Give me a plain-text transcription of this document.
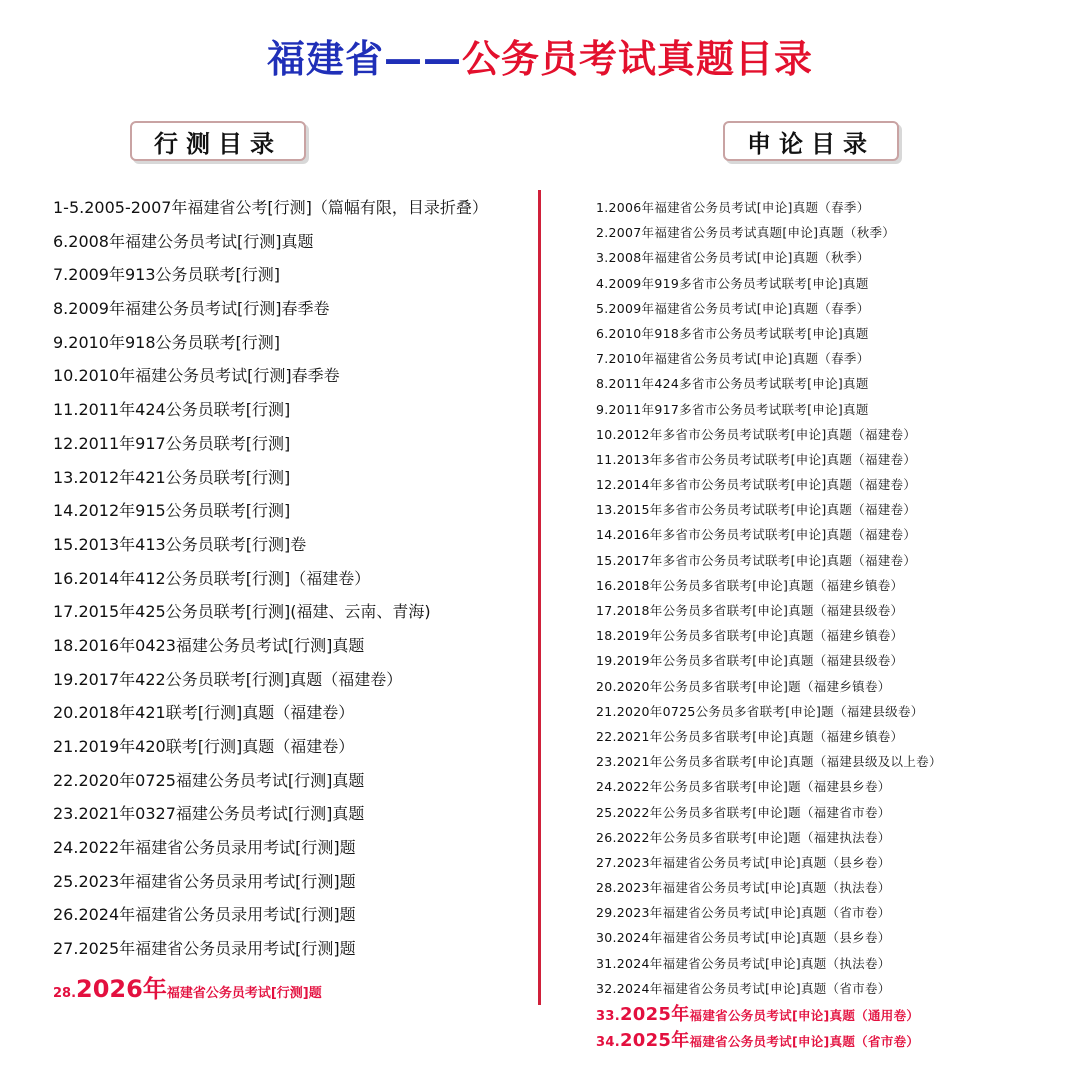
福建省——公务员考试真题目录
行测目录	申论目录
1-5.2005-2007年福建省公考[行测]（篇幅有限，目录折叠）
6.2008年福建公务员考试[行测]真题
7.2009年913公务员联考[行测]
8.2009年福建公务员考试[行测]春季卷
9.2010年918公务员联考[行测]
10.2010年福建公务员考试[行测]春季卷
11.2011年424公务员联考[行测]
12.2011年917公务员联考[行测]
13.2012年421公务员联考[行测]
14.2012年915公务员联考[行测]
15.2013年413公务员联考[行测]卷
16.2014年412公务员联考[行测]（福建卷）
17.2015年425公务员联考[行测](福建、云南、青海)
18.2016年0423福建公务员考试[行测]真题
19.2017年422公务员联考[行测]真题（福建卷）
20.2018年421联考[行测]真题（福建卷）
21.2019年420联考[行测]真题（福建卷）
22.2020年0725福建公务员考试[行测]真题
23.2021年0327福建公务员考试[行测]真题
24.2022年福建省公务员录用考试[行测]题
25.2023年福建省公务员录用考试[行测]题
26.2024年福建省公务员录用考试[行测]题
27.2025年福建省公务员录用考试[行测]题
28.2026年福建省公务员考试[行测]题
1.2006年福建省公务员考试[申论]真题（春季）
2.2007年福建省公务员考试真题[申论]真题（秋季）
3.2008年福建省公务员考试[申论]真题（秋季）
4.2009年919多省市公务员考试联考[申论]真题
5.2009年福建省公务员考试[申论]真题（春季）
6.2010年918多省市公务员考试联考[申论]真题
7.2010年福建省公务员考试[申论]真题（春季）
8.2011年424多省市公务员考试联考[申论]真题
9.2011年917多省市公务员考试联考[申论]真题
10.2012年多省市公务员考试联考[申论]真题（福建卷）
11.2013年多省市公务员考试联考[申论]真题（福建卷）
12.2014年多省市公务员考试联考[申论]真题（福建卷）
13.2015年多省市公务员考试联考[申论]真题（福建卷）
14.2016年多省市公务员考试联考[申论]真题（福建卷）
15.2017年多省市公务员考试联考[申论]真题（福建卷）
16.2018年公务员多省联考[申论]真题（福建乡镇卷）
17.2018年公务员多省联考[申论]真题（福建县级卷）
18.2019年公务员多省联考[申论]真题（福建乡镇卷）
19.2019年公务员多省联考[申论]真题（福建县级卷）
20.2020年公务员多省联考[申论]题（福建乡镇卷）
21.2020年0725公务员多省联考[申论]题（福建县级卷）
22.2021年公务员多省联考[申论]真题（福建乡镇卷）
23.2021年公务员多省联考[申论]真题（福建县级及以上卷）
24.2022年公务员多省联考[申论]题（福建县乡卷）
25.2022年公务员多省联考[申论]题（福建省市卷）
26.2022年公务员多省联考[申论]题（福建执法卷）
27.2023年福建省公务员考试[申论]真题（县乡卷）
28.2023年福建省公务员考试[申论]真题（执法卷）
29.2023年福建省公务员考试[申论]真题（省市卷）
30.2024年福建省公务员考试[申论]真题（县乡卷）
31.2024年福建省公务员考试[申论]真题（执法卷）
32.2024年福建省公务员考试[申论]真题（省市卷）
33.2025年福建省公务员考试[申论]真题（通用卷）
34.2025年福建省公务员考试[申论]真题（省市卷）
